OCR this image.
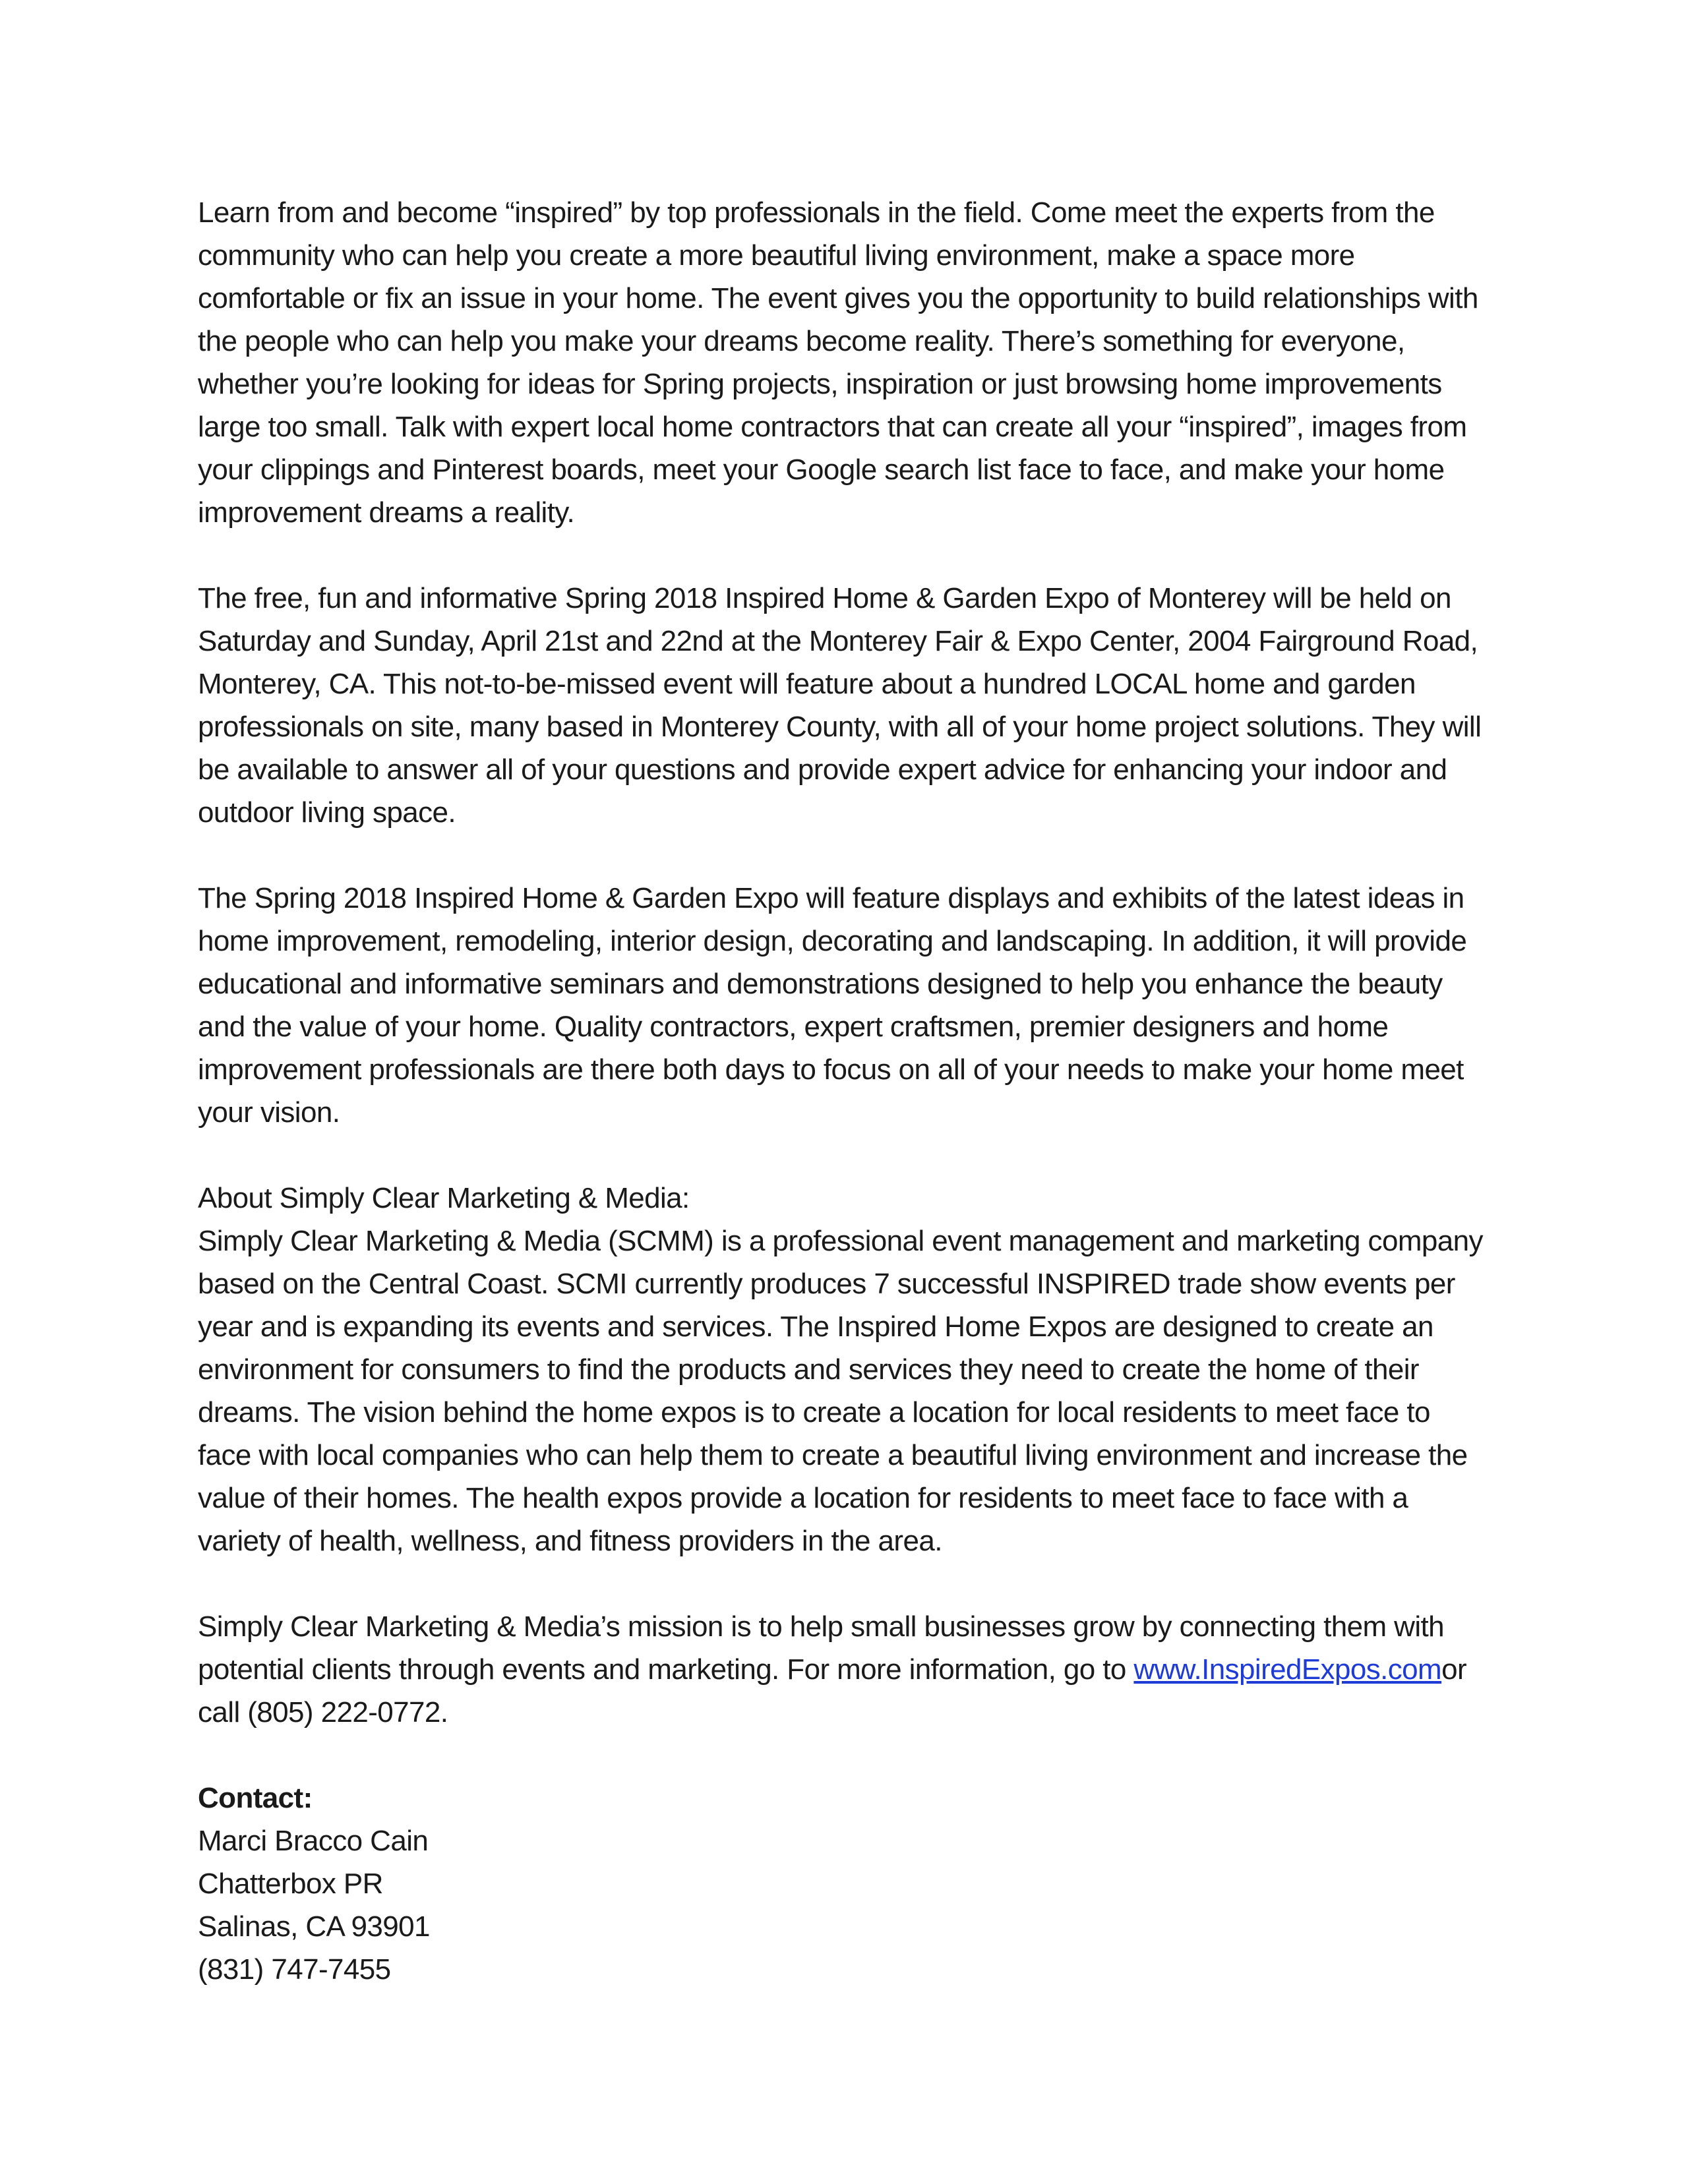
Learn from and become “inspired” by top professionals in the field. Come meet the experts from the community who can help you create a more beautiful living environment, make a space more comfortable or fix an issue in your home. The event gives you the opportunity to build relationships with the people who can help you make your dreams become reality. There’s something for everyone, whether you’re looking for ideas for Spring projects, inspiration or just browsing home improvements large too small. Talk with expert local home contractors that can create all your “inspired”, images from your clippings and Pinterest boards, meet your Google search list face to face, and make your home improvement dreams a reality.

The free, fun and informative Spring 2018 Inspired Home & Garden Expo of Monterey will be held on Saturday and Sunday, April 21st and 22nd at the Monterey Fair & Expo Center, 2004 Fairground Road, Monterey, CA. This not-to-be-missed event will feature about a hundred LOCAL home and garden professionals on site, many based in Monterey County, with all of your home project solutions. They will be available to answer all of your questions and provide expert advice for enhancing your indoor and outdoor living space.

The Spring 2018 Inspired Home & Garden Expo will feature displays and exhibits of the latest ideas in home improvement, remodeling, interior design, decorating and landscaping. In addition, it will provide educational and informative seminars and demonstrations designed to help you enhance the beauty and the value of your home. Quality contractors, expert craftsmen, premier designers and home improvement professionals are there both days to focus on all of your needs to make your home meet your vision.

About Simply Clear Marketing & Media:
Simply Clear Marketing & Media (SCMM) is a professional event management and marketing company based on the Central Coast. SCMI currently produces 7 successful INSPIRED trade show events per year and is expanding its events and services. The Inspired Home Expos are designed to create an environment for consumers to find the products and services they need to create the home of their dreams. The vision behind the home expos is to create a location for local residents to meet face to face with local companies who can help them to create a beautiful living environment and increase the value of their homes. The health expos provide a location for residents to meet face to face with a variety of health, wellness, and fitness providers in the area.

Simply Clear Marketing & Media’s mission is to help small businesses grow by connecting them with potential clients through events and marketing. For more information, go to www.InspiredExpos.comor call (805) 222-0772.

Contact:
Marci Bracco Cain
Chatterbox PR
Salinas, CA 93901
(831) 747-7455
